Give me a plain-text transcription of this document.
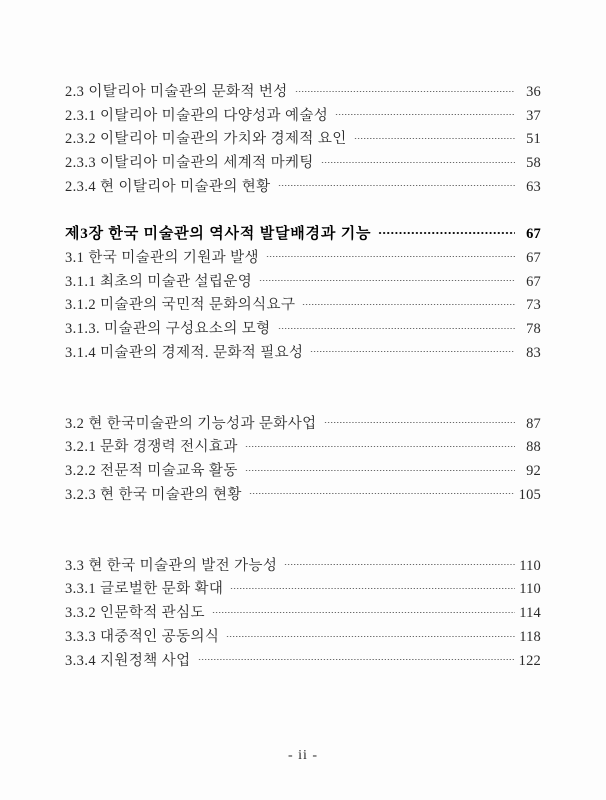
2.3 이탈리아 미술관의 문화적 번성	36
2.3.1 이탈리아 미술관의 다양성과 예술성	37
2.3.2 이탈리아 미술관의 가치와 경제적 요인	51
2.3.3 이탈리아 미술관의 세계적 마케팅	58
2.3.4 현 이탈리아 미술관의 현황	63
제3장 한국 미술관의 역사적 발달배경과 기능	67
3.1 한국 미술관의 기원과 발생	67
3.1.1 최초의 미술관 설립운영	67
3.1.2 미술관의 국민적 문화의식요구	73
3.1.3. 미술관의 구성요소의 모형	78
3.1.4 미술관의 경제적. 문화적 필요성	83
3.2 현 한국미술관의 기능성과 문화사업	87
3.2.1 문화 경쟁력 전시효과	88
3.2.2 전문적 미술교육 활동	92
3.2.3 현 한국 미술관의 현황	105
3.3 현 한국 미술관의 발전 가능성	110
3.3.1 글로벌한 문화 확대	110
3.3.2 인문학적 관심도	114
3.3.3 대중적인 공동의식	118
3.3.4 지원정책 사업	122
- ii -
